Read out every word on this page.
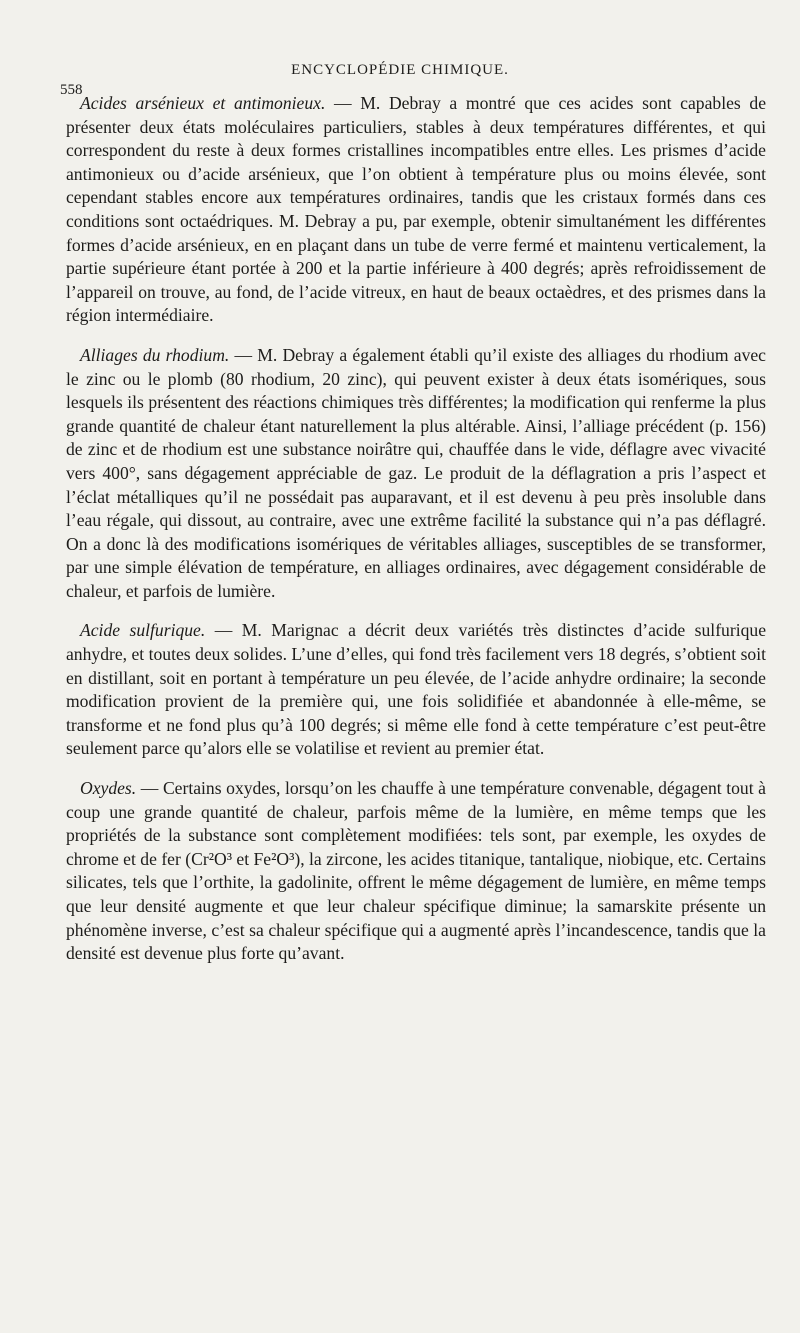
ENCYCLOPÉDIE CHIMIQUE.
558

Acides arsénieux et antimonieux. — M. Debray a montré que ces acides sont capables de présenter deux états moléculaires particuliers, stables à deux températures différentes, et qui correspondent du reste à deux formes cristallines incompatibles entre elles. Les prismes d’acide antimonieux ou d’acide arsénieux, que l’on obtient à température plus ou moins élevée, sont cependant stables encore aux températures ordinaires, tandis que les cristaux formés dans ces conditions sont octaédriques. M. Debray a pu, par exemple, obtenir simultanément les différentes formes d’acide arsénieux, en en plaçant dans un tube de verre fermé et maintenu verticalement, la partie supérieure étant portée à 200 et la partie inférieure à 400 degrés; après refroidissement de l’appareil on trouve, au fond, de l’acide vitreux, en haut de beaux octaèdres, et des prismes dans la région intermédiaire.

Alliages du rhodium. — M. Debray a également établi qu’il existe des alliages du rhodium avec le zinc ou le plomb (80 rhodium, 20 zinc), qui peuvent exister à deux états isomériques, sous lesquels ils présentent des réactions chimiques très différentes; la modification qui renferme la plus grande quantité de chaleur étant naturellement la plus altérable. Ainsi, l’alliage précédent (p. 156) de zinc et de rhodium est une substance noirâtre qui, chauffée dans le vide, déflagre avec vivacité vers 400°, sans dégagement appréciable de gaz. Le produit de la déflagration a pris l’aspect et l’éclat métalliques qu’il ne possédait pas auparavant, et il est devenu à peu près insoluble dans l’eau régale, qui dissout, au contraire, avec une extrême facilité la substance qui n’a pas déflagré. On a donc là des modifications isomériques de véritables alliages, susceptibles de se transformer, par une simple élévation de température, en alliages ordinaires, avec dégagement considérable de chaleur, et parfois de lumière.

Acide sulfurique. — M. Marignac a décrit deux variétés très distinctes d’acide sulfurique anhydre, et toutes deux solides. L’une d’elles, qui fond très facilement vers 18 degrés, s’obtient soit en distillant, soit en portant à température un peu élevée, de l’acide anhydre ordinaire; la seconde modification provient de la première qui, une fois solidifiée et abandonnée à elle-même, se transforme et ne fond plus qu’à 100 degrés; si même elle fond à cette température c’est peut-être seulement parce qu’alors elle se volatilise et revient au premier état.

Oxydes. — Certains oxydes, lorsqu’on les chauffe à une température convenable, dégagent tout à coup une grande quantité de chaleur, parfois même de la lumière, en même temps que les propriétés de la substance sont complètement modifiées: tels sont, par exemple, les oxydes de chrome et de fer (Cr²O³ et Fe²O³), la zircone, les acides titanique, tantalique, niobique, etc. Certains silicates, tels que l’orthite, la gadolinite, offrent le même dégagement de lumière, en même temps que leur densité augmente et que leur chaleur spécifique diminue; la samarskite présente un phénomène inverse, c’est sa chaleur spécifique qui a augmenté après l’incandescence, tandis que la densité est devenue plus forte qu’avant.
